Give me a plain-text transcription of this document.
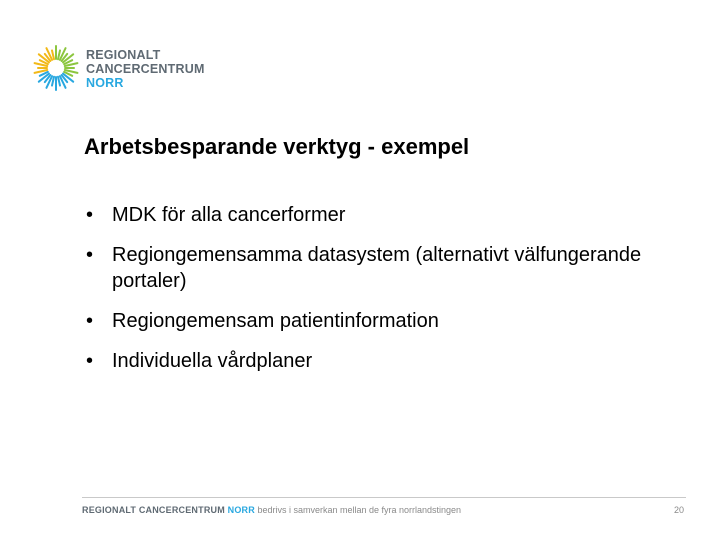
REGIONALT
CANCERCENTRUM
NORR
Arbetsbesparande verktyg - exempel
• MDK för alla cancerformer
• Regiongemensamma datasystem (alternativt välfungerande portaler)
• Regiongemensam patientinformation
• Individuella vårdplaner
REGIONALT CANCERCENTRUM NORR bedrivs i samverkan mellan de fyra norrlandstingen	20
